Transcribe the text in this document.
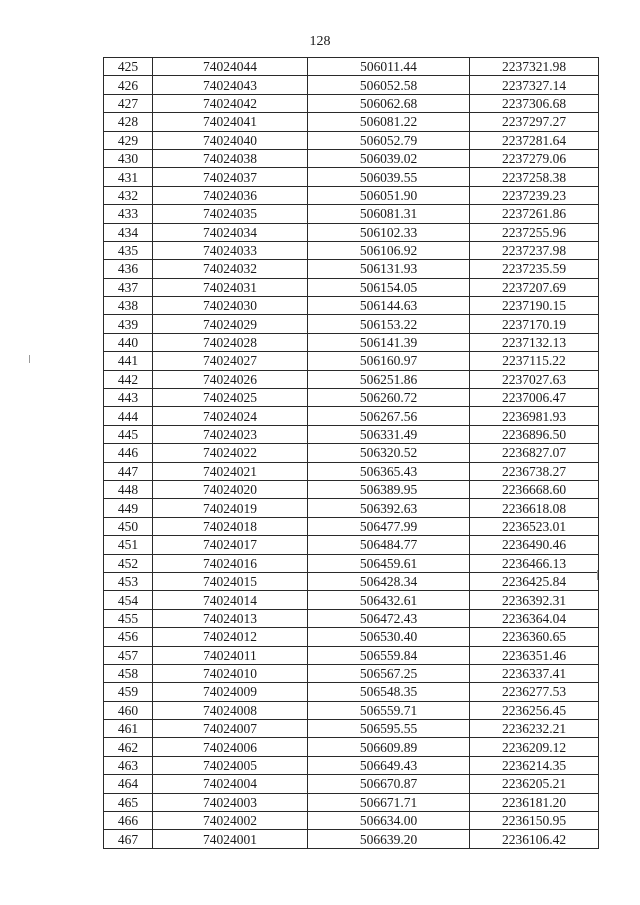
128
425	74024044	506011.44	2237321.98
426	74024043	506052.58	2237327.14
427	74024042	506062.68	2237306.68
428	74024041	506081.22	2237297.27
429	74024040	506052.79	2237281.64
430	74024038	506039.02	2237279.06
431	74024037	506039.55	2237258.38
432	74024036	506051.90	2237239.23
433	74024035	506081.31	2237261.86
434	74024034	506102.33	2237255.96
435	74024033	506106.92	2237237.98
436	74024032	506131.93	2237235.59
437	74024031	506154.05	2237207.69
438	74024030	506144.63	2237190.15
439	74024029	506153.22	2237170.19
440	74024028	506141.39	2237132.13
441	74024027	506160.97	2237115.22
442	74024026	506251.86	2237027.63
443	74024025	506260.72	2237006.47
444	74024024	506267.56	2236981.93
445	74024023	506331.49	2236896.50
446	74024022	506320.52	2236827.07
447	74024021	506365.43	2236738.27
448	74024020	506389.95	2236668.60
449	74024019	506392.63	2236618.08
450	74024018	506477.99	2236523.01
451	74024017	506484.77	2236490.46
452	74024016	506459.61	2236466.13
453	74024015	506428.34	2236425.84
454	74024014	506432.61	2236392.31
455	74024013	506472.43	2236364.04
456	74024012	506530.40	2236360.65
457	74024011	506559.84	2236351.46
458	74024010	506567.25	2236337.41
459	74024009	506548.35	2236277.53
460	74024008	506559.71	2236256.45
461	74024007	506595.55	2236232.21
462	74024006	506609.89	2236209.12
463	74024005	506649.43	2236214.35
464	74024004	506670.87	2236205.21
465	74024003	506671.71	2236181.20
466	74024002	506634.00	2236150.95
467	74024001	506639.20	2236106.42
